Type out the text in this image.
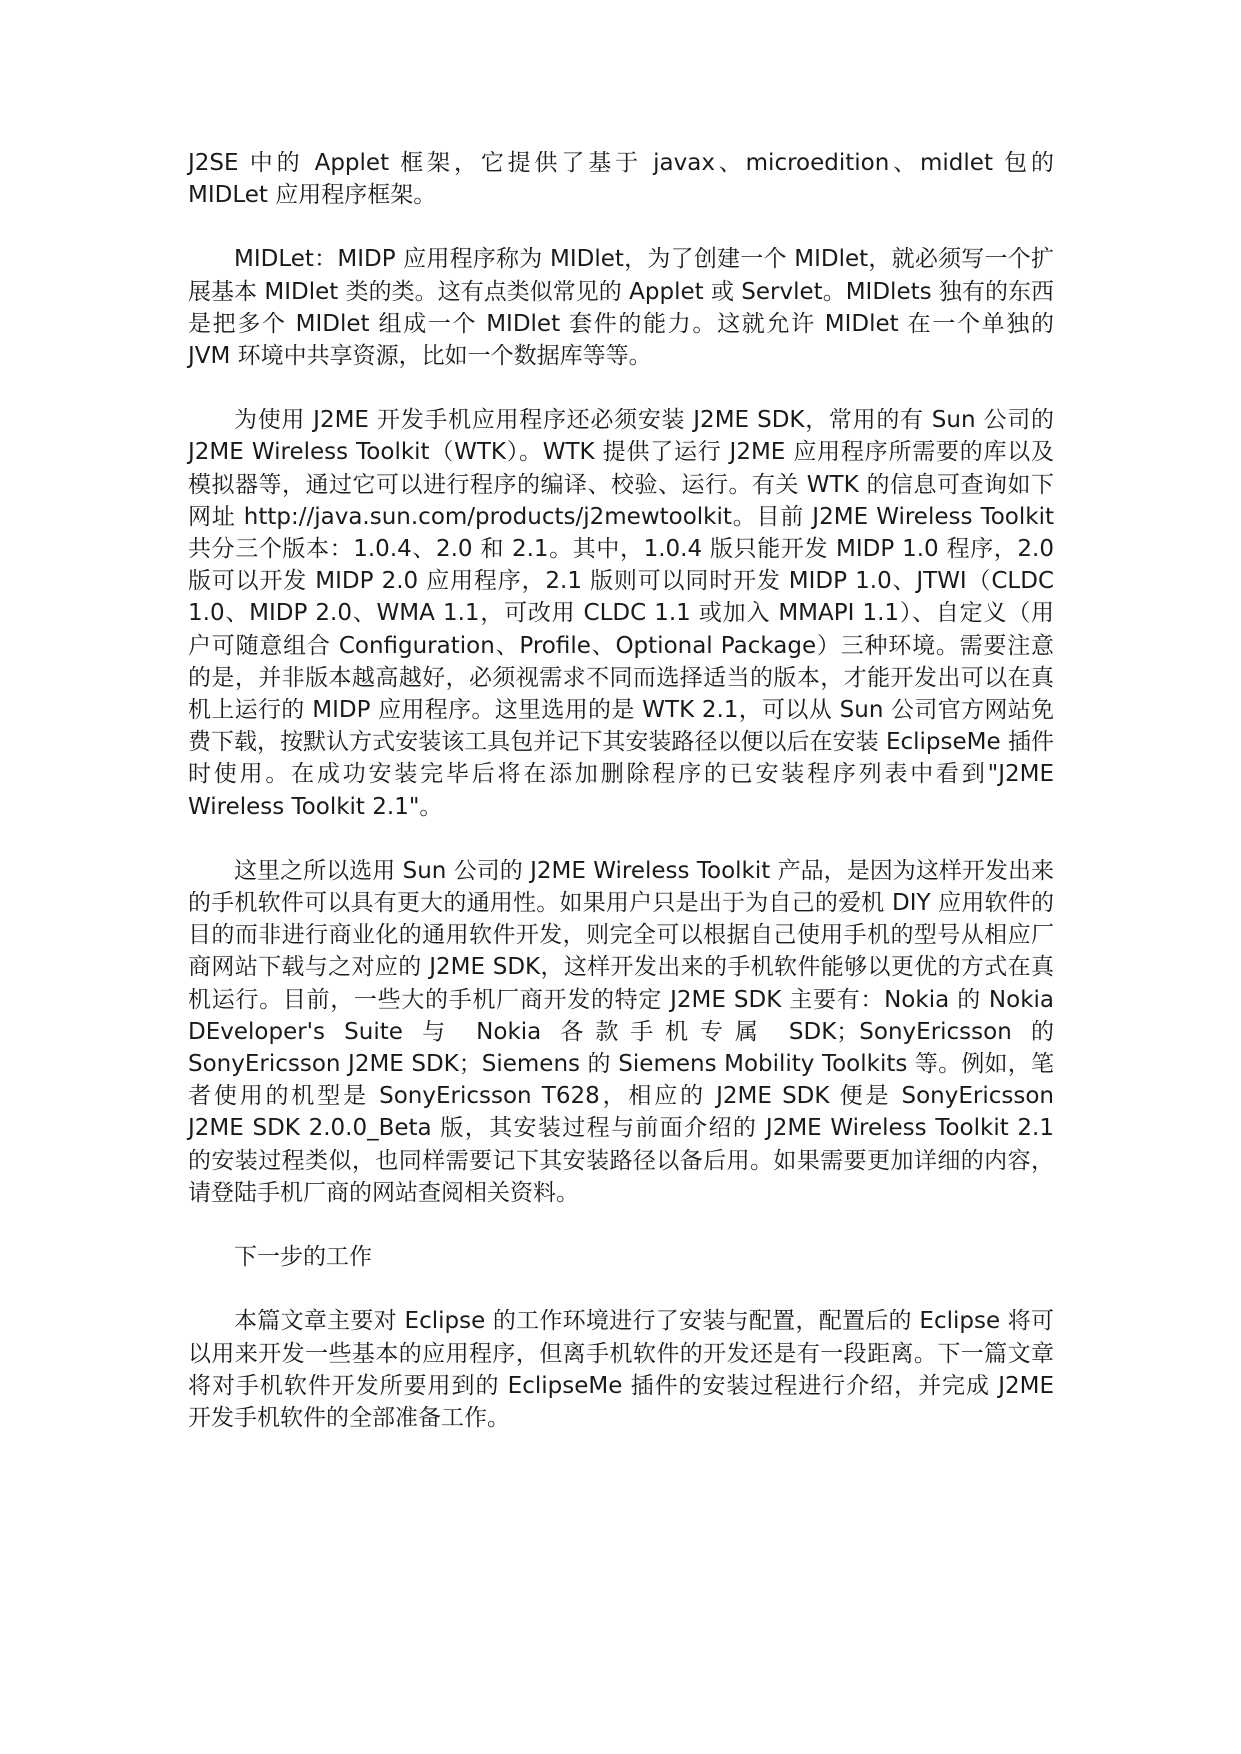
J2SE 中的 Applet 框架，它提供了基于 javax、microedition、midlet 包的 MIDLet 应用程序框架。

MIDLet：MIDP 应用程序称为 MIDlet，为了创建一个 MIDlet，就必须写一个扩展基本 MIDlet 类的类。这有点类似常见的 Applet 或 Servlet。MIDlets 独有的东西是把多个 MIDlet 组成一个 MIDlet 套件的能力。这就允许 MIDlet 在一个单独的 JVM 环境中共享资源，比如一个数据库等等。

为使用 J2ME 开发手机应用程序还必须安装 J2ME SDK，常用的有 Sun 公司的 J2ME Wireless Toolkit（WTK）。WTK 提供了运行 J2ME 应用程序所需要的库以及模拟器等，通过它可以进行程序的编译、校验、运行。有关 WTK 的信息可查询如下网址 http://java.sun.com/products/j2mewtoolkit。目前 J2ME Wireless Toolkit 共分三个版本：1.0.4、2.0 和 2.1。其中，1.0.4 版只能开发 MIDP 1.0 程序，2.0 版可以开发 MIDP 2.0 应用程序，2.1 版则可以同时开发 MIDP 1.0、JTWI（CLDC 1.0、MIDP 2.0、WMA 1.1，可改用 CLDC 1.1 或加入 MMAPI 1.1）、自定义（用户可随意组合 Configuration、Profile、Optional Package）三种环境。需要注意的是，并非版本越高越好，必须视需求不同而选择适当的版本，才能开发出可以在真机上运行的 MIDP 应用程序。这里选用的是 WTK 2.1，可以从 Sun 公司官方网站免费下载，按默认方式安装该工具包并记下其安装路径以便以后在安装 EclipseMe 插件时使用。在成功安装完毕后将在添加删除程序的已安装程序列表中看到"J2ME Wireless Toolkit 2.1"。

这里之所以选用 Sun 公司的 J2ME Wireless Toolkit 产品，是因为这样开发出来的手机软件可以具有更大的通用性。如果用户只是出于为自己的爱机 DIY 应用软件的目的而非进行商业化的通用软件开发，则完全可以根据自己使用手机的型号从相应厂商网站下载与之对应的 J2ME SDK，这样开发出来的手机软件能够以更优的方式在真机运行。目前，一些大的手机厂商开发的特定 J2ME SDK 主要有：Nokia 的 Nokia DEveloper's Suite 与 Nokia 各款手机专属 SDK；SonyEricsson 的 SonyEricsson J2ME SDK；Siemens 的 Siemens Mobility Toolkits 等。例如，笔者使用的机型是 SonyEricsson T628，相应的 J2ME SDK 便是 SonyEricsson J2ME SDK 2.0.0_Beta 版，其安装过程与前面介绍的 J2ME Wireless Toolkit 2.1 的安装过程类似，也同样需要记下其安装路径以备后用。如果需要更加详细的内容，请登陆手机厂商的网站查阅相关资料。

下一步的工作

本篇文章主要对 Eclipse 的工作环境进行了安装与配置，配置后的 Eclipse 将可以用来开发一些基本的应用程序，但离手机软件的开发还是有一段距离。下一篇文章将对手机软件开发所要用到的 EclipseMe 插件的安装过程进行介绍，并完成 J2ME 开发手机软件的全部准备工作。
